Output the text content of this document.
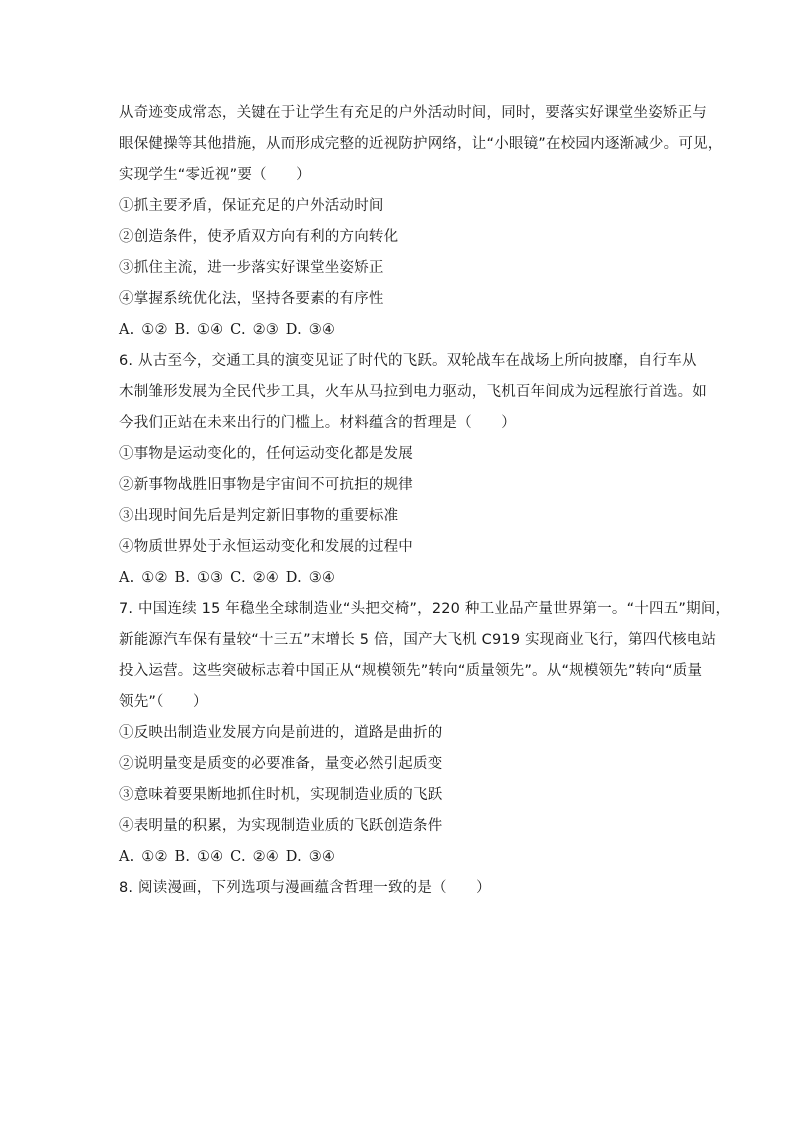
从奇迹变成常态，关键在于让学生有充足的户外活动时间，同时，要落实好课堂坐姿矫正与
眼保健操等其他措施，从而形成完整的近视防护网络，让“小眼镜”在校园内逐渐减少。可见，
实现学生“零近视”要（　　）
①抓主要矛盾，保证充足的户外活动时间
②创造条件，使矛盾双方向有利的方向转化
③抓住主流，进一步落实好课堂坐姿矫正
④掌握系统优化法，坚持各要素的有序性
A. ①② B. ①④ C. ②③ D. ③④
6. 从古至今，交通工具的演变见证了时代的飞跃。双轮战车在战场上所向披靡，自行车从
木制雏形发展为全民代步工具，火车从马拉到电力驱动，飞机百年间成为远程旅行首选。如
今我们正站在未来出行的门槛上。材料蕴含的哲理是（　　）
①事物是运动变化的，任何运动变化都是发展
②新事物战胜旧事物是宇宙间不可抗拒的规律
③出现时间先后是判定新旧事物的重要标准
④物质世界处于永恒运动变化和发展的过程中
A. ①② B. ①③ C. ②④ D. ③④
7. 中国连续 15 年稳坐全球制造业“头把交椅”，220 种工业品产量世界第一。“十四五”期间，
新能源汽车保有量较“十三五”末增长 5 倍，国产大飞机 C919 实现商业飞行，第四代核电站
投入运营。这些突破标志着中国正从“规模领先”转向“质量领先”。从“规模领先”转向“质量
领先”（　　）
①反映出制造业发展方向是前进的，道路是曲折的
②说明量变是质变的必要准备，量变必然引起质变
③意味着要果断地抓住时机，实现制造业质的飞跃
④表明量的积累，为实现制造业质的飞跃创造条件
A. ①② B. ①④ C. ②④ D. ③④
8. 阅读漫画，下列选项与漫画蕴含哲理一致的是（　　）
